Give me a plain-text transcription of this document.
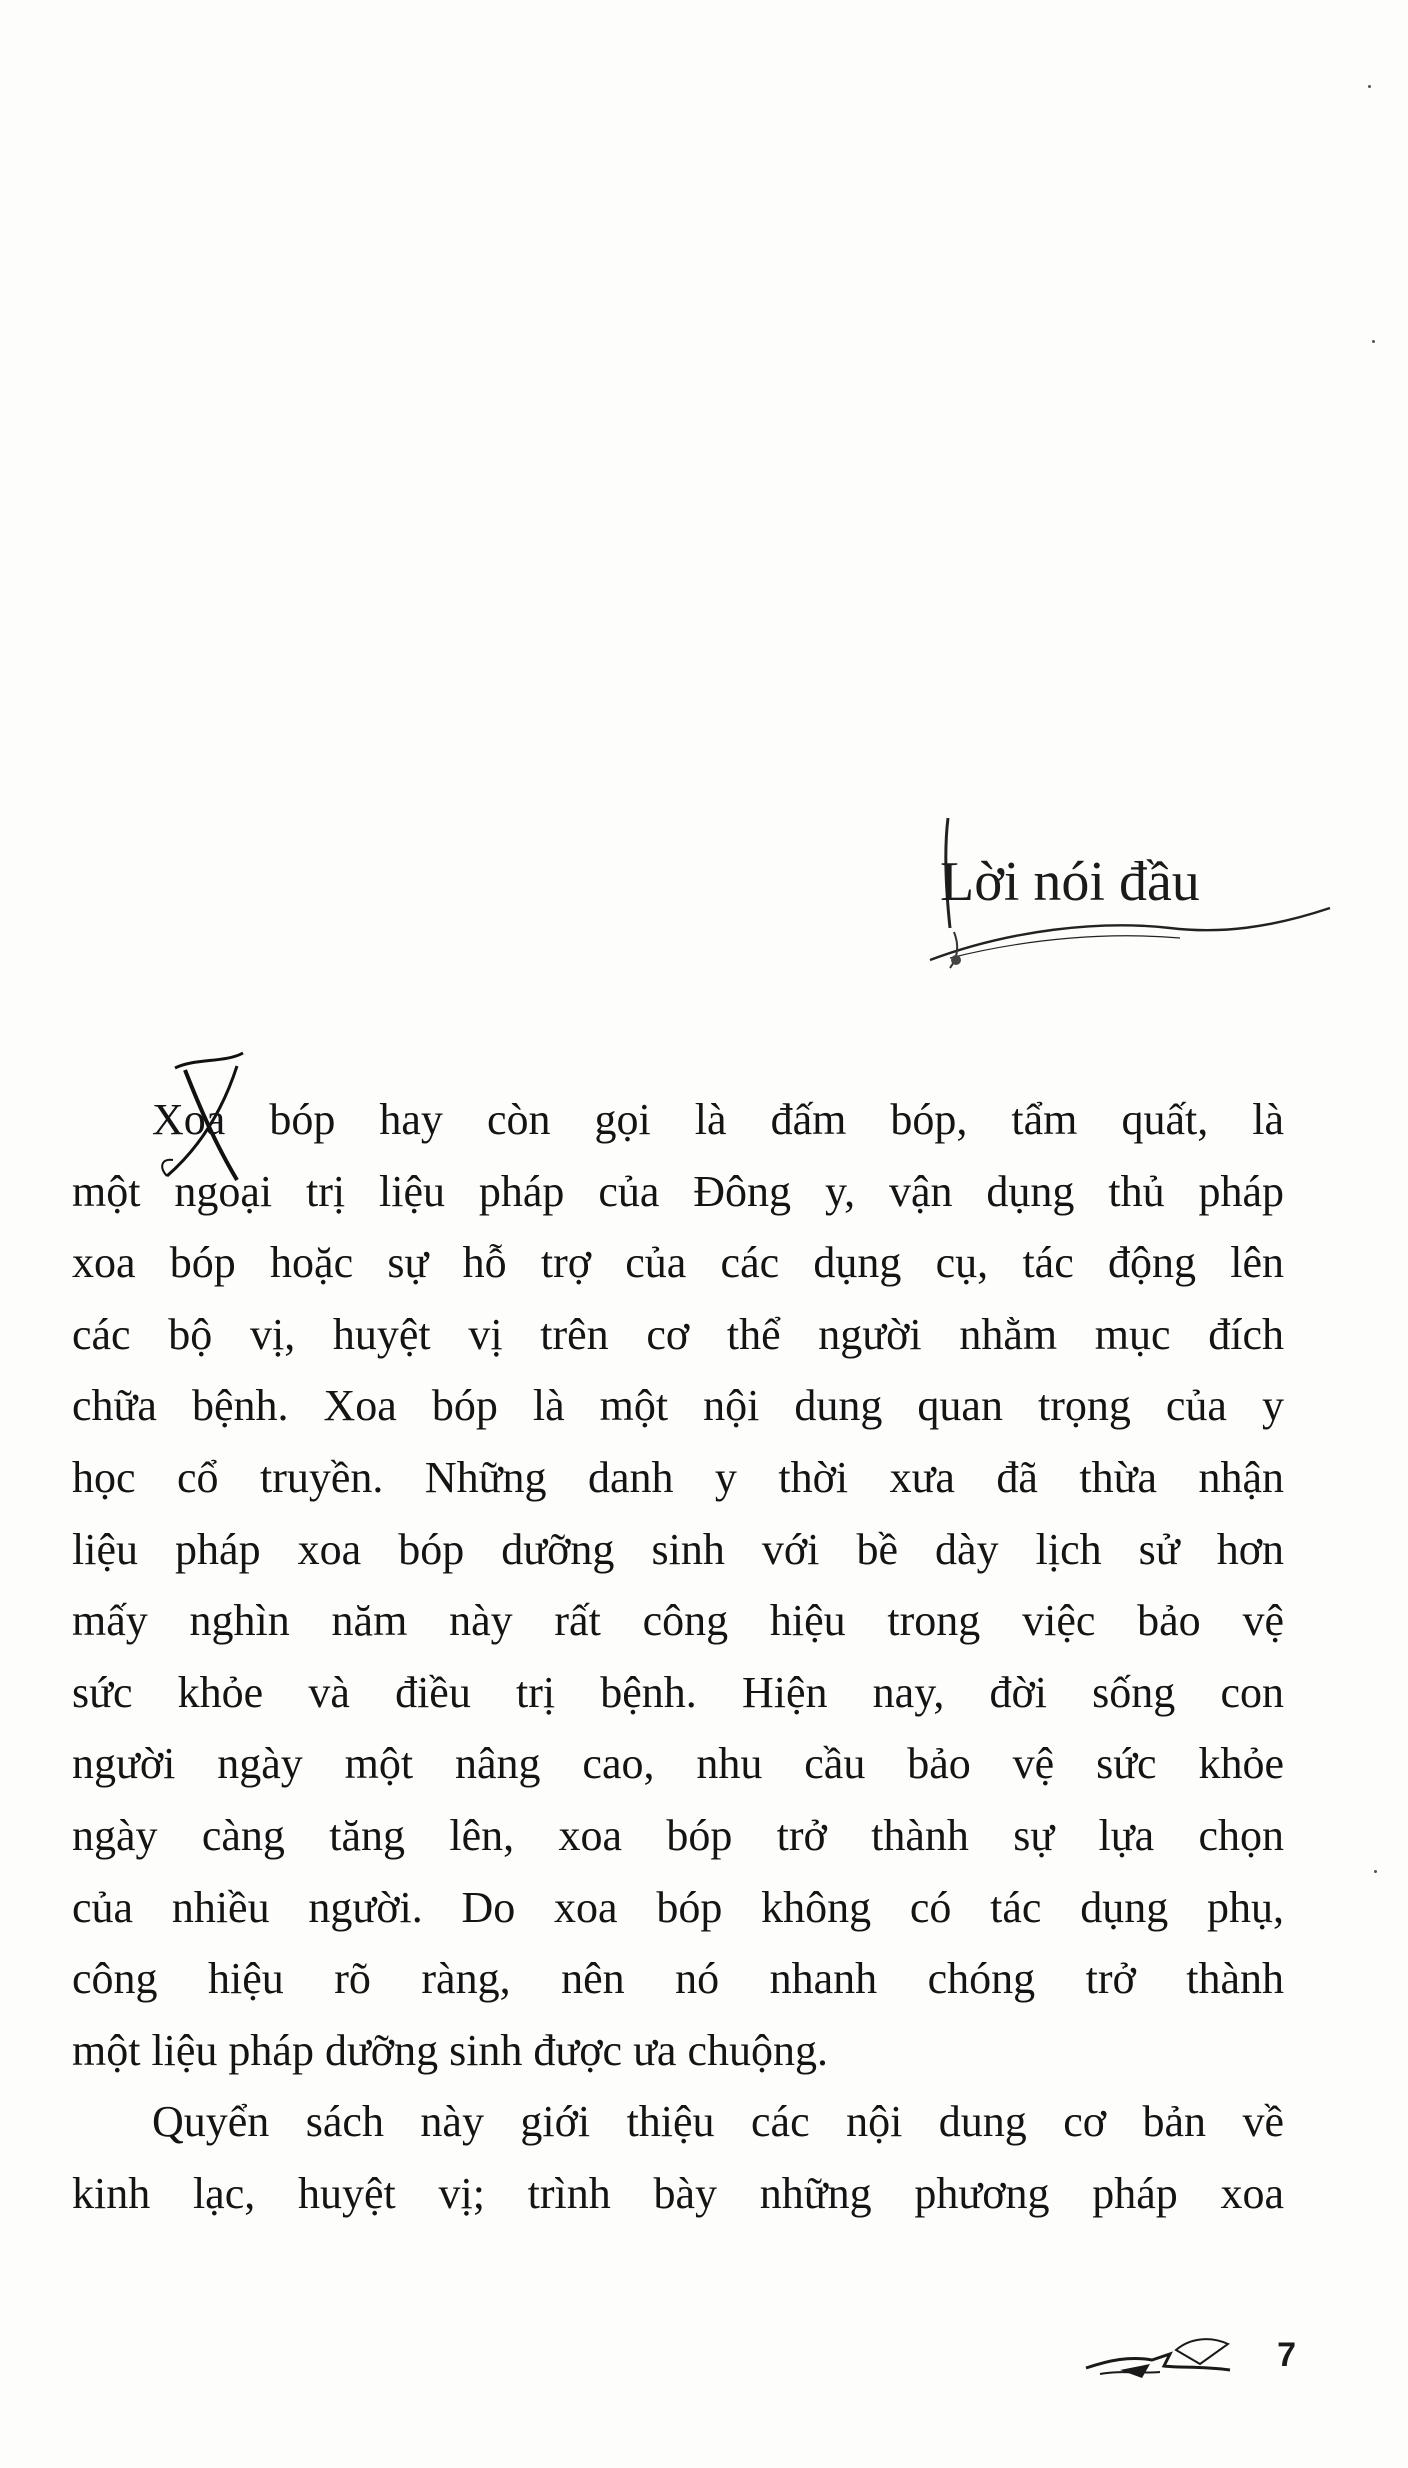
Lời nói đầu

Xoa bóp hay còn gọi là đấm bóp, tẩm quất, là
một ngoại trị liệu pháp của Đông y, vận dụng thủ pháp
xoa bóp hoặc sự hỗ trợ của các dụng cụ, tác động lên
các bộ vị, huyệt vị trên cơ thể người nhằm mục đích
chữa bệnh. Xoa bóp là một nội dung quan trọng của y
học cổ truyền. Những danh y thời xưa đã thừa nhận
liệu pháp xoa bóp dưỡng sinh với bề dày lịch sử hơn
mấy nghìn năm này rất công hiệu trong việc bảo vệ
sức khỏe và điều trị bệnh. Hiện nay, đời sống con
người ngày một nâng cao, nhu cầu bảo vệ sức khỏe
ngày càng tăng lên, xoa bóp trở thành sự lựa chọn
của nhiều người. Do xoa bóp không có tác dụng phụ,
công hiệu rõ ràng, nên nó nhanh chóng trở thành
một liệu pháp dưỡng sinh được ưa chuộng.

Quyển sách này giới thiệu các nội dung cơ bản về
kinh lạc, huyệt vị; trình bày những phương pháp xoa

7
